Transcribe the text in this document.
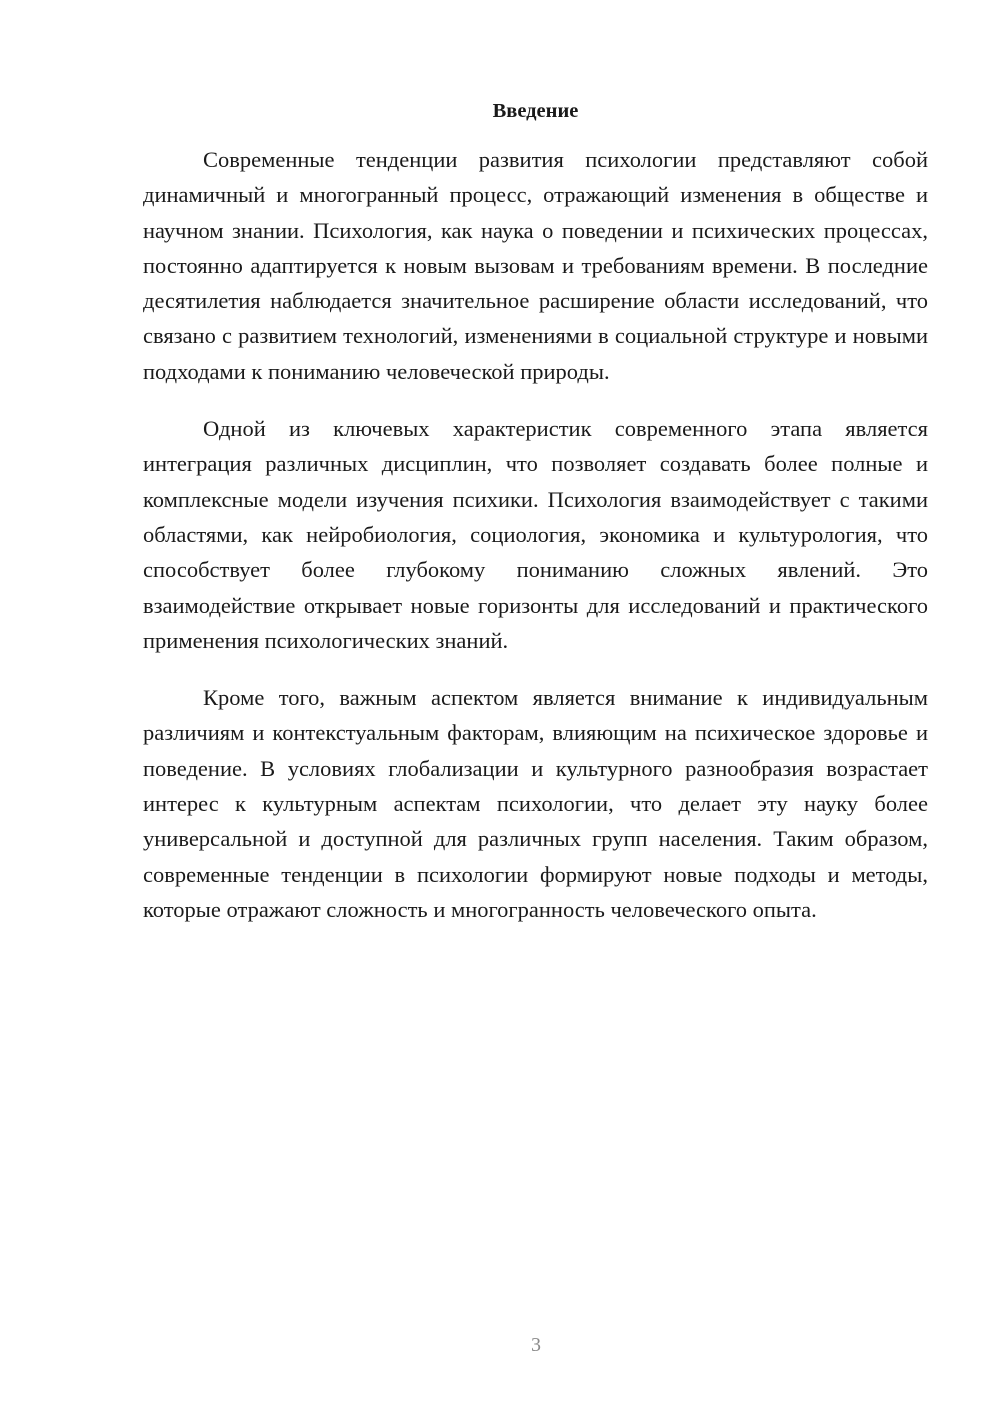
Введение

Современные тенденции развития психологии представляют собой динамичный и многогранный процесс, отражающий изменения в обществе и научном знании. Психология, как наука о поведении и психических процессах, постоянно адаптируется к новым вызовам и требованиям времени. В последние десятилетия наблюдается значительное расширение области исследований, что связано с развитием технологий, изменениями в социальной структуре и новыми подходами к пониманию человеческой природы.

Одной из ключевых характеристик современного этапа является интеграция различных дисциплин, что позволяет создавать более полные и комплексные модели изучения психики. Психология взаимодействует с такими областями, как нейробиология, социология, экономика и культурология, что способствует более глубокому пониманию сложных явлений. Это взаимодействие открывает новые горизонты для исследований и практического применения психологических знаний.

Кроме того, важным аспектом является внимание к индивидуальным различиям и контекстуальным факторам, влияющим на психическое здоровье и поведение. В условиях глобализации и культурного разнообразия возрастает интерес к культурным аспектам психологии, что делает эту науку более универсальной и доступной для различных групп населения. Таким образом, современные тенденции в психологии формируют новые подходы и методы, которые отражают сложность и многогранность человеческого опыта.

3
